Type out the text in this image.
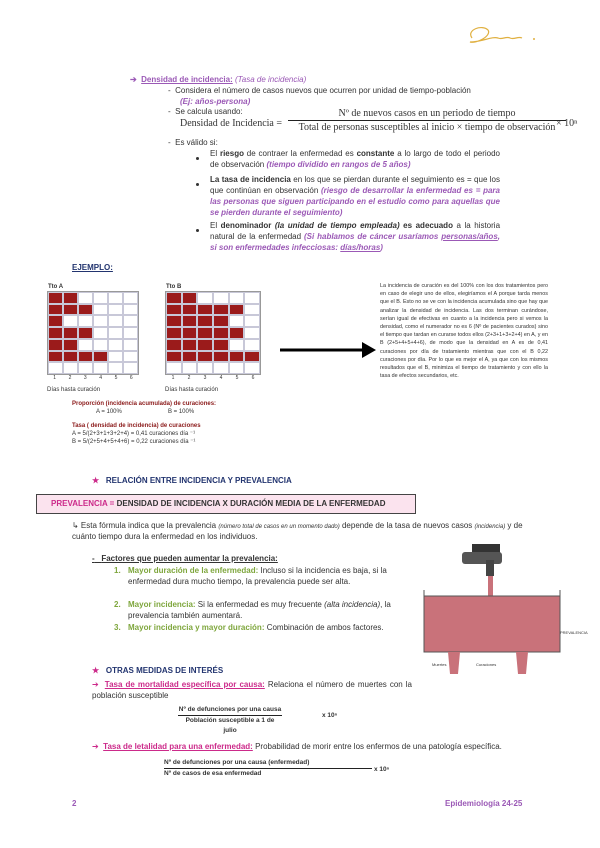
➔ Densidad de incidencia: (Tasa de incidencia)
- Considera el número de casos nuevos que ocurren por unidad de tiempo-población
(Ej: años-persona)
- Se calcula usando:
Densidad de Incidencia =
Nº de nuevos casos en un periodo de tiempo
Total de personas susceptibles al inicio × tiempo de observación × 10ⁿ
- Es válido si:
El riesgo de contraer la enfermedad es constante a lo largo de todo el periodo de observación (tiempo dividido en rangos de 5 años)
La tasa de incidencia en los que se pierdan durante el seguimiento es = que los que continúan en observación (riesgo de desarrollar la enfermedad es = para las personas que siguen participando en el estudio como para aquellas que se pierden durante el seguimiento)
El denominador (la unidad de tiempo empleada) es adecuado a la historia natural de la enfermedad (Si hablamos de cáncer usaríamos personas/años, si son enfermedades infecciosas: días/horas)
EJEMPLO:
Tto A
1	2	3	4	5	6
Días hasta curación
Tto B
1	2	3	4	5	6
Días hasta curación
Proporción (incidencia acumulada) de curaciones:
A = 100%	B = 100%
Tasa ( densidad de incidencia) de curaciones
A = 5/(2+3+1+3+2+4) = 0,41 curaciones día ⁻¹
B = 5/(2+5+4+5+4+6) = 0,22 curaciones día ⁻¹
La incidencia de curación es del 100% con los dos tratamientos pero en caso de elegir uno de ellos, elegiríamos el A porque tarda menos que el B. Esto no se ve con la incidencia acumulada sino que hay que analizar la densidad de incidencia. Las dos terminan curándose, serían igual de efectivas en cuanto a la incidencia pero si vemos la densidad, como el numerador no es 6 (Nº de pacientes curados) sino el tiempo que tardan en curarse todos ellos (2+3+1+3+2+4) en A, y en B (2+5+4+5+4+6), de modo que la densidad en A es de 0,41 curaciones por día de tratamiento mientras que con el B 0,22 curaciones por día. Por lo que es mejor el A, ya que con los mismos resultados que el B, minimiza el tiempo de tratamiento y con ello la tasa de efectos secundarios, etc.
★ RELACIÓN ENTRE INCIDENCIA Y PREVALENCIA
PREVALENCIA = DENSIDAD DE INCIDENCIA X DURACIÓN MEDIA DE LA ENFERMEDAD
↳ Esta fórmula indica que la prevalencia (número total de casos en un momento dado) depende de la tasa de nuevos casos (incidencia) y de cuánto tiempo dura la enfermedad en los individuos.
- Factores que pueden aumentar la prevalencia:
1. Mayor duración de la enfermedad: Incluso si la incidencia es baja, si la enfermedad dura mucho tiempo, la prevalencia puede ser alta.
2. Mayor incidencia: Si la enfermedad es muy frecuente (alta incidencia), la prevalencia también aumentará.
3. Mayor incidencia y mayor duración: Combinación de ambos factores.
PREVALENCIA
Muertes	Curaciones
★ OTRAS MEDIDAS DE INTERÉS
➔ Tasa de mortalidad específica por causa: Relaciona el número de muertes con la población susceptible
Nº de defunciones por una causa
Población susceptible a 1 de julio
x 10ⁿ
➔ Tasa de letalidad para una enfermedad: Probabilidad de morir entre los enfermos de una patología específica.
Nº de defunciones por una causa (enfermedad)
Nº de casos de esa enfermedad
x 10ⁿ
2	Epidemiología 24-25
